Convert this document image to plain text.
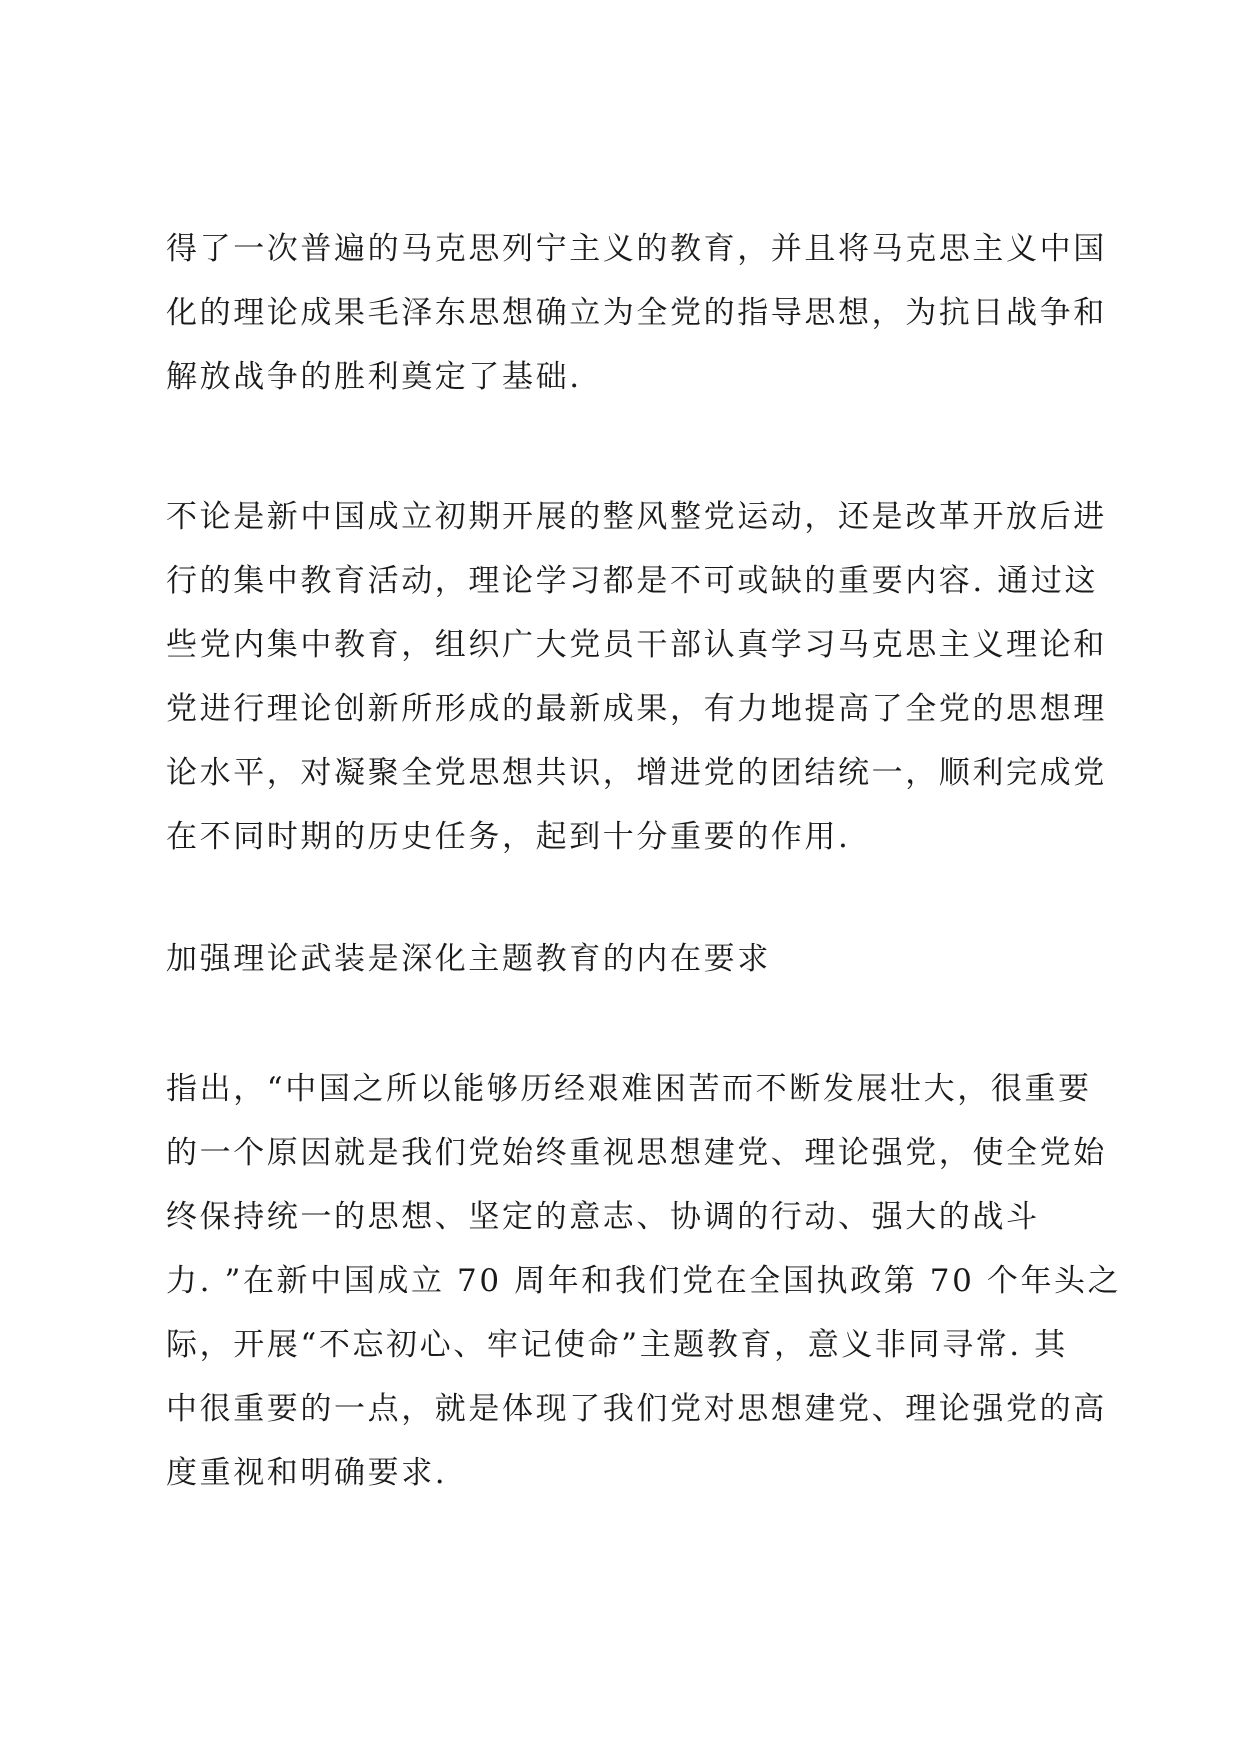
得了一次普遍的马克思列宁主义的教育，并且将马克思主义中国
化的理论成果毛泽东思想确立为全党的指导思想，为抗日战争和
解放战争的胜利奠定了基础.
不论是新中国成立初期开展的整风整党运动，还是改革开放后进
行的集中教育活动，理论学习都是不可或缺的重要内容. 通过这
些党内集中教育，组织广大党员干部认真学习马克思主义理论和
党进行理论创新所形成的最新成果，有力地提高了全党的思想理
论水平，对凝聚全党思想共识，增进党的团结统一，顺利完成党
在不同时期的历史任务，起到十分重要的作用.
加强理论武装是深化主题教育的内在要求
指出，“中国之所以能够历经艰难困苦而不断发展壮大，很重要
的一个原因就是我们党始终重视思想建党、理论强党，使全党始
终保持统一的思想、坚定的意志、协调的行动、强大的战斗
力. ”在新中国成立 70 周年和我们党在全国执政第 70 个年头之
际，开展“不忘初心、牢记使命”主题教育，意义非同寻常. 其
中很重要的一点，就是体现了我们党对思想建党、理论强党的高
度重视和明确要求.
